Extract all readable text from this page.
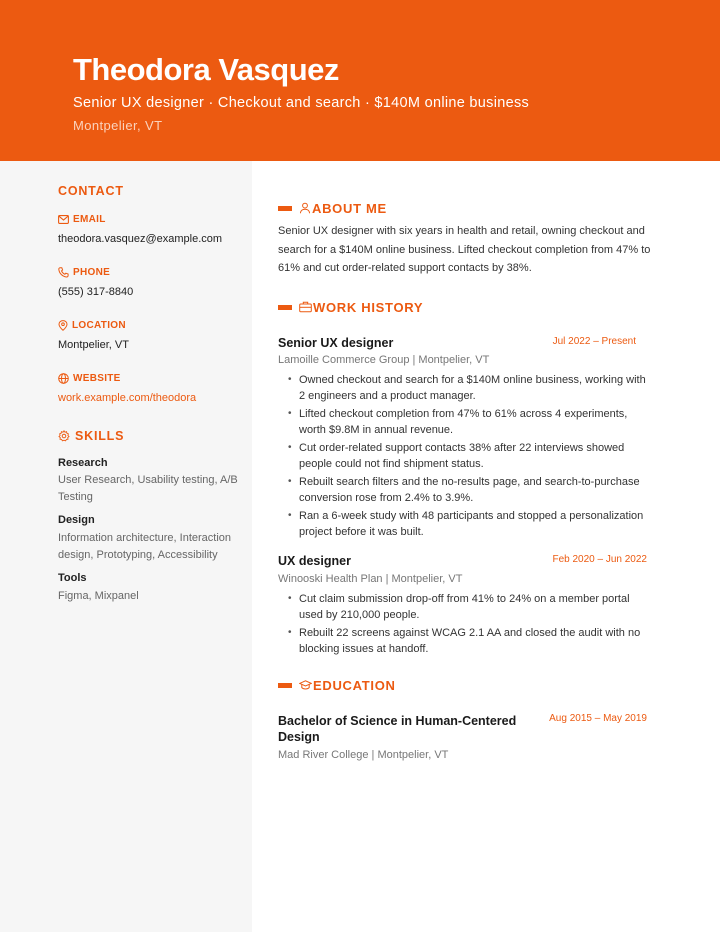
Theodora Vasquez
Senior UX designer · Checkout and search · $140M online business
Montpelier, VT
CONTACT
EMAIL
theodora.vasquez@example.com
PHONE
(555) 317-8840
LOCATION
Montpelier, VT
WEBSITE
work.example.com/theodora
SKILLS
Research
User Research, Usability testing, A/B Testing
Design
Information architecture, Interaction design, Prototyping, Accessibility
Tools
Figma, Mixpanel
ABOUT ME
Senior UX designer with six years in health and retail, owning checkout and search for a $140M online business. Lifted checkout completion from 47% to 61% and cut order-related support contacts by 38%.
WORK HISTORY
Senior UX designer	Jul 2022 – Present
Lamoille Commerce Group | Montpelier, VT
• Owned checkout and search for a $140M online business, working with 2 engineers and a product manager.
• Lifted checkout completion from 47% to 61% across 4 experiments, worth $9.8M in annual revenue.
• Cut order-related support contacts 38% after 22 interviews showed people could not find shipment status.
• Rebuilt search filters and the no-results page, and search-to-purchase conversion rose from 2.4% to 3.9%.
• Ran a 6-week study with 48 participants and stopped a personalization project before it was built.
UX designer	Feb 2020 – Jun 2022
Winooski Health Plan | Montpelier, VT
• Cut claim submission drop-off from 41% to 24% on a member portal used by 210,000 people.
• Rebuilt 22 screens against WCAG 2.1 AA and closed the audit with no blocking issues at handoff.
EDUCATION
Bachelor of Science in Human-Centered Design
Aug 2015 – May 2019
Mad River College | Montpelier, VT
